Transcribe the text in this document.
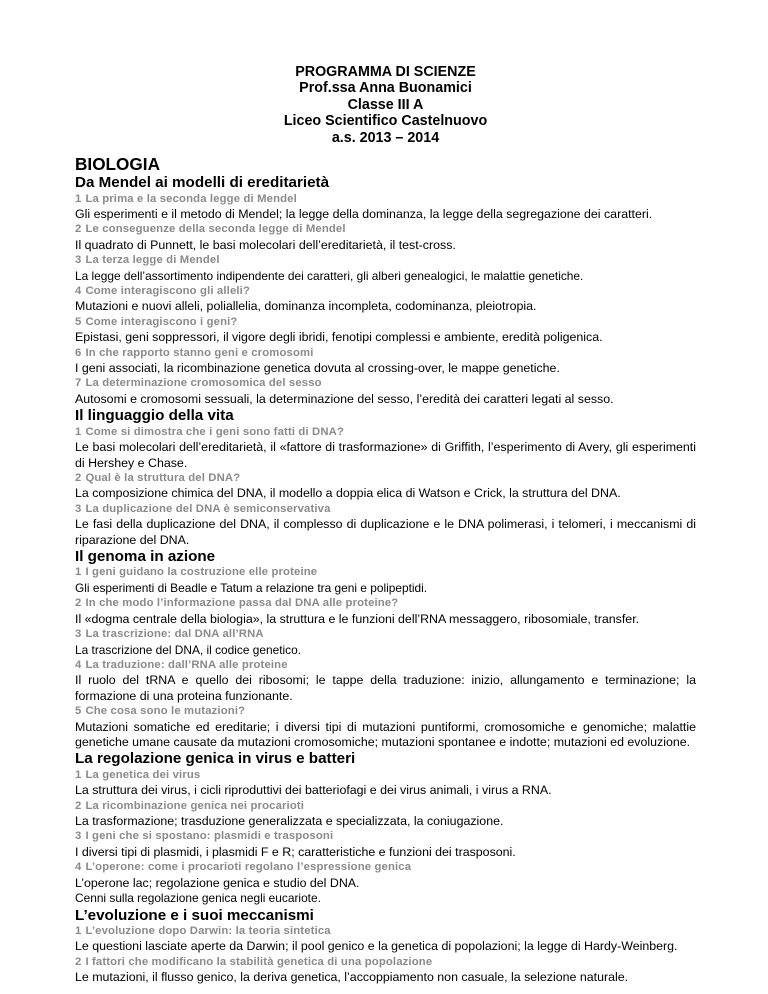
PROGRAMMA DI SCIENZE
Prof.ssa Anna Buonamici
Classe III A
Liceo Scientifico Castelnuovo
a.s. 2013 – 2014
BIOLOGIA
Da Mendel ai modelli di ereditarietà
1 La prima e la seconda legge di Mendel
Gli esperimenti e il metodo di Mendel; la legge della dominanza, la legge della segregazione dei caratteri.
2 Le conseguenze della seconda legge di Mendel
Il quadrato di Punnett, le basi molecolari dell’ereditarietà, il test-cross.
3 La terza legge di Mendel
La legge dell’assortimento indipendente dei caratteri, gli alberi genealogici, le malattie genetiche.
4 Come interagiscono gli alleli?
Mutazioni e nuovi alleli, poliallelia, dominanza incompleta, codominanza, pleiotropia.
5 Come interagiscono i geni?
Epistasi, geni soppressori, il vigore degli ibridi, fenotipi complessi e ambiente, eredità poligenica.
6 In che rapporto stanno geni e cromosomi
I geni associati, la ricombinazione genetica dovuta al crossing-over, le mappe genetiche.
7 La determinazione cromosomica del sesso
Autosomi e cromosomi sessuali, la determinazione del sesso, l’eredità dei caratteri legati al sesso.
Il linguaggio della vita
1 Come si dimostra che i geni sono fatti di DNA?
Le basi molecolari dell’ereditarietà, il «fattore di trasformazione» di Griffith, l’esperimento di Avery, gli esperimenti di Hershey e Chase.
2 Qual è la struttura del DNA?
La composizione chimica del DNA, il modello a doppia elica di Watson e Crick, la struttura del DNA.
3 La duplicazione del DNA è semiconservativa
Le fasi della duplicazione del DNA, il complesso di duplicazione e le DNA polimerasi, i telomeri, i meccanismi di riparazione del DNA.
Il genoma in azione
1 I geni guidano la costruzione elle proteine
Gli esperimenti di Beadle e Tatum a relazione tra geni e polipeptidi.
2 In che modo l’informazione passa dal DNA alle proteine?
Il «dogma centrale della biologia», la struttura e le funzioni dell’RNA messaggero, ribosomiale, transfer.
3 La trascrizione: dal DNA all’RNA
La trascrizione del DNA, il codice genetico.
4 La traduzione: dall’RNA alle proteine
Il ruolo del tRNA e quello dei ribosomi; le tappe della traduzione: inizio, allungamento e terminazione; la formazione di una proteina funzionante.
5 Che cosa sono le mutazioni?
Mutazioni somatiche ed ereditarie; i diversi tipi di mutazioni puntiformi, cromosomiche e genomiche; malattie genetiche umane causate da mutazioni cromosomiche; mutazioni spontanee e indotte; mutazioni ed evoluzione.
La regolazione genica in virus e batteri
1 La genetica dei virus
La struttura dei virus, i cicli riproduttivi dei batteriofagi e dei virus animali, i virus a RNA.
2 La ricombinazione genica nei procarioti
La trasformazione; trasduzione generalizzata e specializzata, la coniugazione.
3 I geni che si spostano: plasmidi e trasposoni
I diversi tipi di plasmidi, i plasmidi F e R; caratteristiche e funzioni dei trasposoni.
4 L’operone: come i procarioti regolano l’espressione genica
L’operone lac; regolazione genica e studio del DNA.
Cenni sulla regolazione genica negli eucariote.
L’evoluzione e i suoi meccanismi
1 L’evoluzione dopo Darwin: la teoria sintetica
Le questioni lasciate aperte da Darwin; il pool genico e la genetica di popolazioni; la legge di Hardy-Weinberg.
2 I fattori che modificano la stabilità genetica di una popolazione
Le mutazioni, il flusso genico, la deriva genetica, l’accoppiamento non casuale, la selezione naturale.
